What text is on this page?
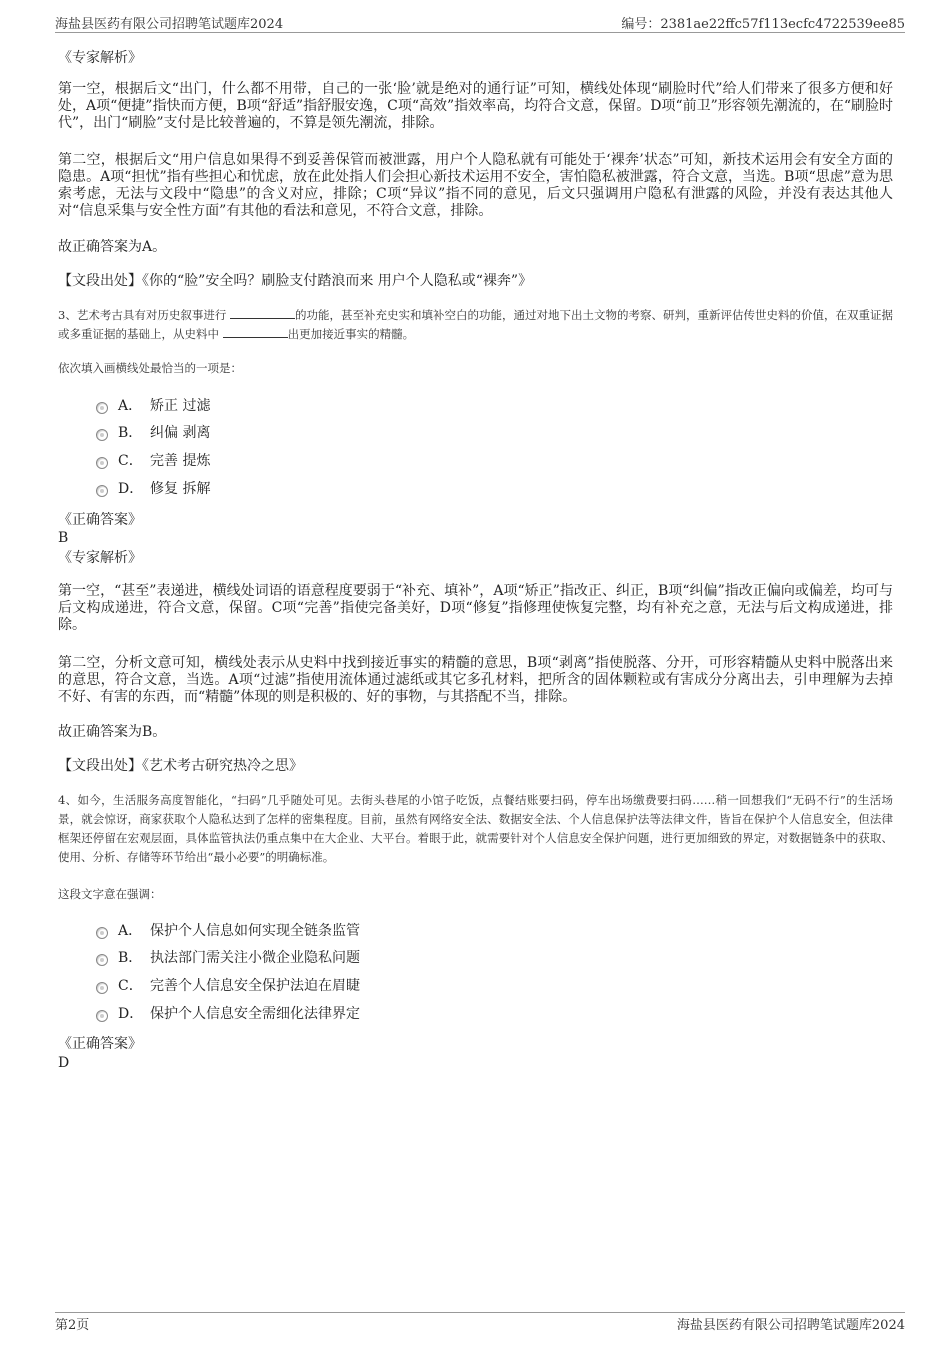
海盐县医药有限公司招聘笔试题库2024	编号：2381ae22ffc57f113ecfc4722539ee85
《专家解析》
第一空，根据后文“出门，什么都不用带，自己的一张‘脸’就是绝对的通行证”可知，横线处体现“刷脸时代”给人们带来了很多方便和好处，A项“便捷”指快而方便，B项“舒适”指舒服安逸，C项“高效”指效率高，均符合文意，保留。D项“前卫”形容领先潮流的，在“刷脸时代”，出门“刷脸”支付是比较普遍的，不算是领先潮流，排除。
第二空，根据后文“用户信息如果得不到妥善保管而被泄露，用户个人隐私就有可能处于‘裸奔’状态”可知，新技术运用会有安全方面的隐患。A项“担忧”指有些担心和忧虑，放在此处指人们会担心新技术运用不安全，害怕隐私被泄露，符合文意，当选。B项“思虑”意为思索考虑，无法与文段中“隐患”的含义对应，排除；C项“异议”指不同的意见，后文只强调用户隐私有泄露的风险，并没有表达其他人对“信息采集与安全性方面”有其他的看法和意见，不符合文意，排除。
故正确答案为A。
【文段出处】《你的“脸”安全吗？刷脸支付踏浪而来 用户个人隐私或“裸奔”》
3、艺术考古具有对历史叙事进行	的功能，甚至补充史实和填补空白的功能，通过对地下出土文物的考察、研判，重新评估传世史料的价值，在双重证据或多重证据的基础上，从史料中	出更加接近事实的精髓。
依次填入画横线处最恰当的一项是：
A． 矫正 过滤
B． 纠偏 剥离
C． 完善 提炼
D． 修复 拆解
《正确答案》
B
《专家解析》
第一空，“甚至”表递进，横线处词语的语意程度要弱于“补充、填补”，A项“矫正”指改正、纠正，B项“纠偏”指改正偏向或偏差，均可与后文构成递进，符合文意，保留。C项“完善”指使完备美好，D项“修复”指修理使恢复完整，均有补充之意，无法与后文构成递进，排除。
第二空，分析文意可知，横线处表示从史料中找到接近事实的精髓的意思，B项“剥离”指使脱落、分开，可形容精髓从史料中脱落出来的意思，符合文意，当选。A项“过滤”指使用流体通过滤纸或其它多孔材料，把所含的固体颗粒或有害成分分离出去，引申理解为去掉不好、有害的东西，而“精髓”体现的则是积极的、好的事物，与其搭配不当，排除。
故正确答案为B。
【文段出处】《艺术考古研究热冷之思》
4、如今，生活服务高度智能化，“扫码”几乎随处可见。去街头巷尾的小馆子吃饭，点餐结账要扫码，停车出场缴费要扫码……稍一回想我们“无码不行”的生活场景，就会惊讶，商家获取个人隐私达到了怎样的密集程度。目前，虽然有网络安全法、数据安全法、个人信息保护法等法律文件，皆旨在保护个人信息安全，但法律框架还停留在宏观层面，具体监管执法仍重点集中在大企业、大平台。着眼于此，就需要针对个人信息安全保护问题，进行更加细致的界定，对数据链条中的获取、使用、分析、存储等环节给出“最小必要”的明确标准。
这段文字意在强调：
A． 保护个人信息如何实现全链条监管
B． 执法部门需关注小微企业隐私问题
C． 完善个人信息安全保护法迫在眉睫
D． 保护个人信息安全需细化法律界定
《正确答案》
D
第2页	海盐县医药有限公司招聘笔试题库2024
